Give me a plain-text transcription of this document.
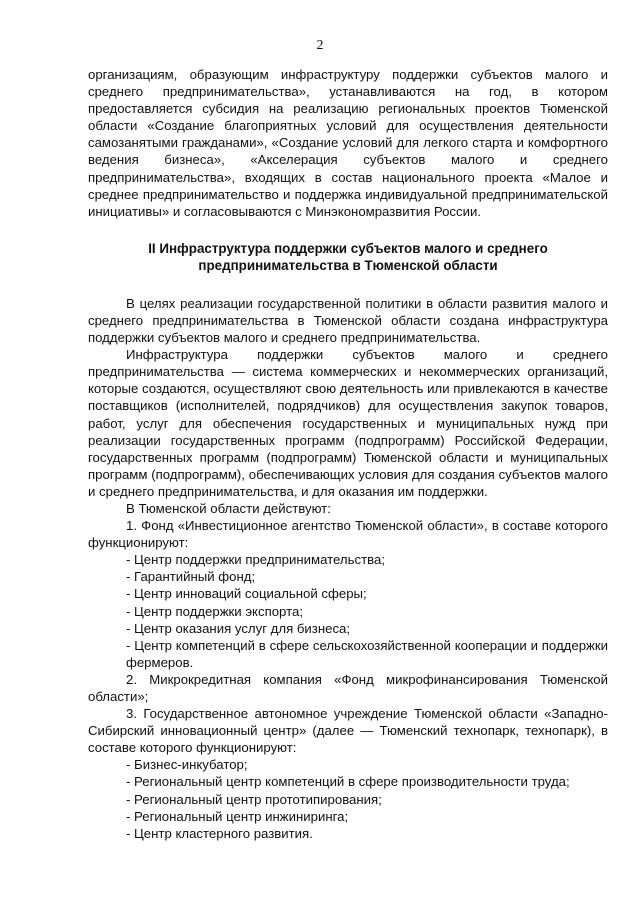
2

организациям, образующим инфраструктуру поддержки субъектов малого и среднего предпринимательства», устанавливаются на год, в котором предоставляется субсидия на реализацию региональных проектов Тюменской области «Создание благоприятных условий для осуществления деятельности самозанятыми гражданами», «Создание условий для легкого старта и комфортного ведения бизнеса», «Акселерация субъектов малого и среднего предпринимательства», входящих в состав национального проекта «Малое и среднее предпринимательство и поддержка индивидуальной предпринимательской инициативы» и согласовываются с Минэкономразвития России.

II Инфраструктура поддержки субъектов малого и среднего предпринимательства в Тюменской области

В целях реализации государственной политики в области развития малого и среднего предпринимательства в Тюменской области создана инфраструктура поддержки субъектов малого и среднего предпринимательства.

Инфраструктура поддержки субъектов малого и среднего предпринимательства — система коммерческих и некоммерческих организаций, которые создаются, осуществляют свою деятельность или привлекаются в качестве поставщиков (исполнителей, подрядчиков) для осуществления закупок товаров, работ, услуг для обеспечения государственных и муниципальных нужд при реализации государственных программ (подпрограмм) Российской Федерации, государственных программ (подпрограмм) Тюменской области и муниципальных программ (подпрограмм), обеспечивающих условия для создания субъектов малого и среднего предпринимательства, и для оказания им поддержки.

В Тюменской области действуют:

1. Фонд «Инвестиционное агентство Тюменской области», в составе которого функционируют:

- Центр поддержки предпринимательства;

- Гарантийный фонд;

- Центр инноваций социальной сферы;

- Центр поддержки экспорта;

- Центр оказания услуг для бизнеса;

- Центр компетенций в сфере сельскохозяйственной кооперации и поддержки фермеров.

2. Микрокредитная компания «Фонд микрофинансирования Тюменской области»;

3. Государственное автономное учреждение Тюменской области «Западно-Сибирский инновационный центр» (далее — Тюменский технопарк, технопарк), в составе которого функционируют:

- Бизнес-инкубатор;

- Региональный центр компетенций в сфере производительности труда;

- Региональный центр прототипирования;

- Региональный центр инжиниринга;

- Центр кластерного развития.
